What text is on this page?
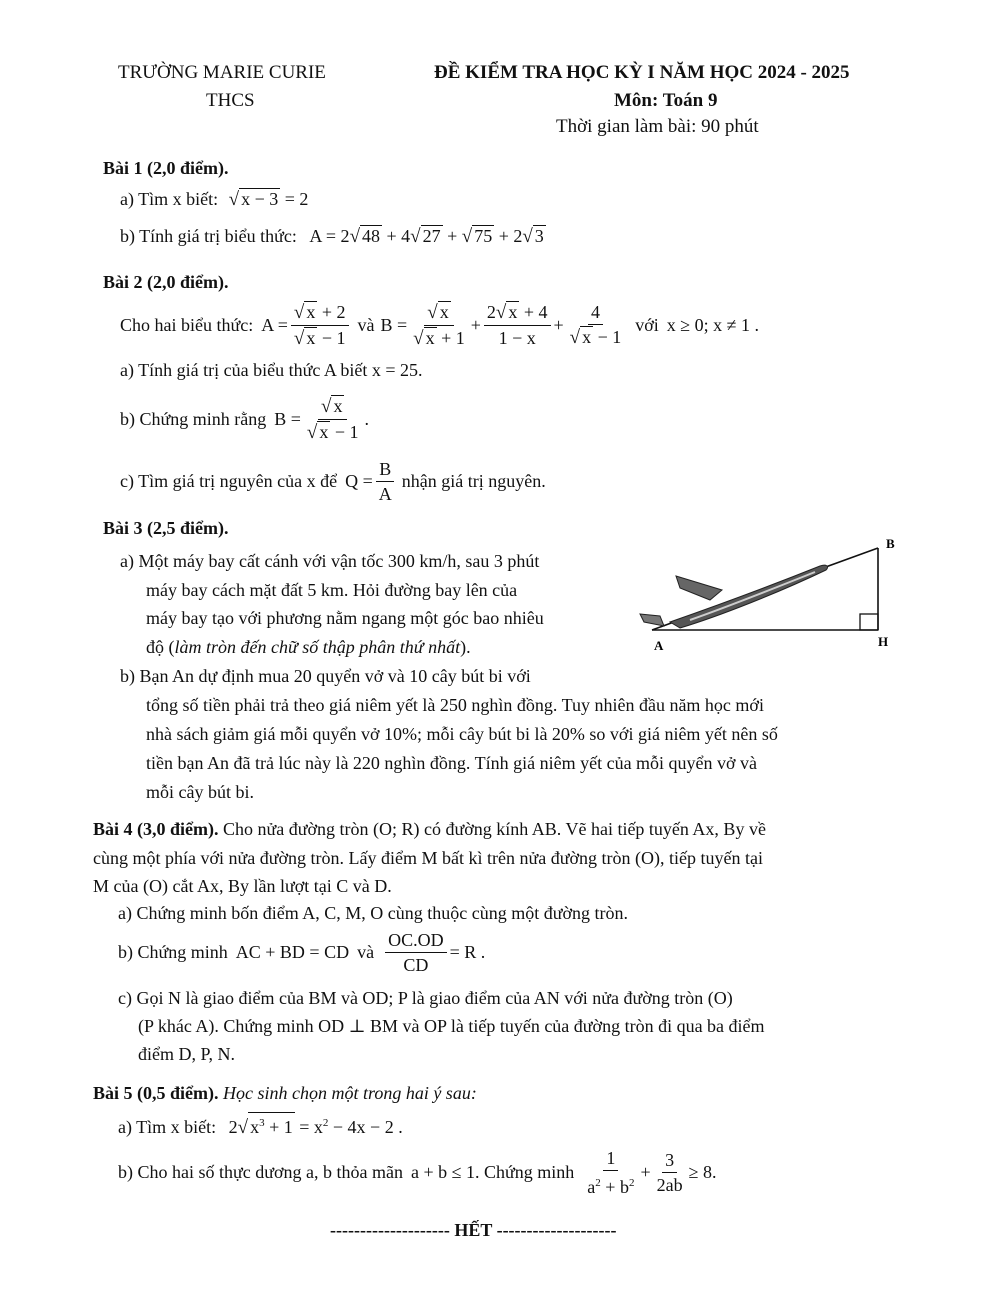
TRƯỜNG MARIE CURIE
THCS
ĐỀ KIỂM TRA HỌC KỲ I NĂM HỌC 2024 - 2025
Môn: Toán 9
Thời gian làm bài: 90 phút
Bài 1 (2,0 điểm).
a) Tìm x biết: √ x − 3 = 2
b) Tính giá trị biểu thức: A = 2√ 48 + 4√ 27 + √ 75 + 2√ 3
Bài 2 (2,0 điểm).
Cho hai biểu thức: $A = \frac{√ x + 2}{√ x - 1}$ và $B = \frac{√ x}{√ x + 1} + \frac{2√ x + 4}{1 - x} + \frac{4}{√ x - 1}$ với x ≥ 0; x ≠ 1 .
a) Tính giá trị của biểu thức A biết x = 25.
b) Chứng minh rằng $B = \frac{√ x}{√ x - 1}$ .
c) Tìm giá trị nguyên của x để $Q = \frac{B}{A}$ nhận giá trị nguyên.
Bài 3 (2,5 điểm).
a) Một máy bay cất cánh với vận tốc 300 km/h, sau 3 phút
máy bay cách mặt đất 5 km. Hỏi đường bay lên của
máy bay tạo với phương nằm ngang một góc bao nhiêu
độ (làm tròn đến chữ số thập phân thứ nhất).	A
B
H
b) Bạn An dự định mua 20 quyển vở và 10 cây bút bi với
tổng số tiền phải trả theo giá niêm yết là 250 nghìn đồng. Tuy nhiên đầu năm học mới
nhà sách giảm giá mỗi quyển vở 10%; mỗi cây bút bi là 20% so với giá niêm yết nên số
tiền bạn An đã trả lúc này là 220 nghìn đồng. Tính giá niêm yết của mỗi quyển vở và
mỗi cây bút bi.
Bài 4 (3,0 điểm). Cho nửa đường tròn (O; R) có đường kính AB. Vẽ hai tiếp tuyến Ax, By về
cùng một phía với nửa đường tròn. Lấy điểm M bất kì trên nửa đường tròn (O), tiếp tuyến tại
M của (O) cắt Ax, By lần lượt tại C và D.
a) Chứng minh bốn điểm A, C, M, O cùng thuộc cùng một đường tròn.
b) Chứng minh AC + BD = CD và $\frac{OC.OD}{CD} = R$ .
c) Gọi N là giao điểm của BM và OD; P là giao điểm của AN với nửa đường tròn (O)
(P khác A). Chứng minh OD ⊥ BM và OP là tiếp tuyến của đường tròn đi qua ba điểm
điểm D, P, N.
Bài 5 (0,5 điểm). Học sinh chọn một trong hai ý sau:
a) Tìm x biết: 2√ $x^3 + 1 = x^2 - 4x - 2$ .
b) Cho hai số thực dương a, b thỏa mãn a + b ≤ 1 . Chứng minh $\frac{1}{a^2 + b^2} + \frac{3}{2ab} \ge 8$.
-------------------- HẾT --------------------
